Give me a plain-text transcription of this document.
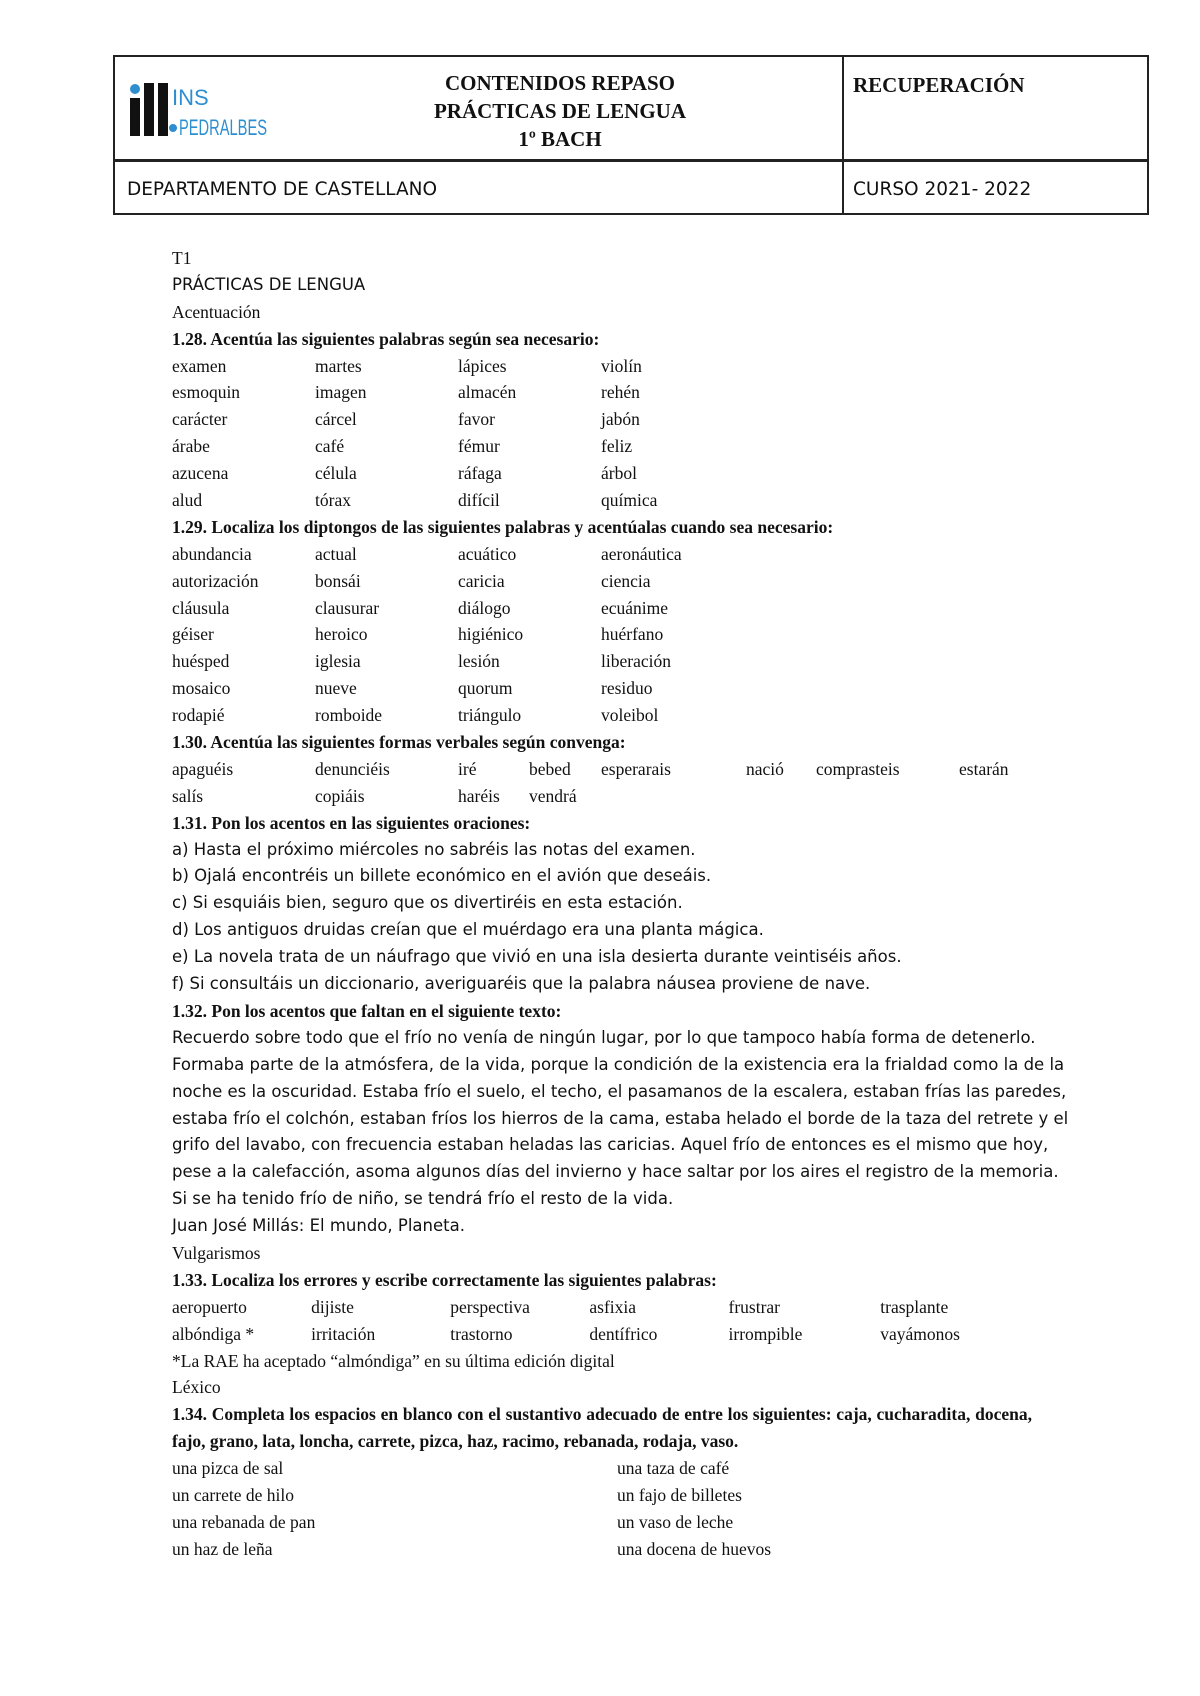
INS
PEDRALBES
CONTENIDOS REPASO
PRÁCTICAS DE LENGUA
1º BACH
RECUPERACIÓN
DEPARTAMENTO DE CASTELLANO	CURSO 2021- 2022
T1
PRÁCTICAS DE LENGUA
Acentuación
1.28. Acentúa las siguientes palabras según sea necesario:
examen	martes	lápices	violín
esmoquin	imagen	almacén	rehén
carácter	cárcel	favor	jabón
árabe	café	fémur	feliz
azucena	célula	ráfaga	árbol
alud	tórax	difícil	química
1.29. Localiza los diptongos de las siguientes palabras y acentúalas cuando sea necesario:
abundancia	actual	acuático	aeronáutica
autorización	bonsái	caricia	ciencia
cláusula	clausurar	diálogo	ecuánime
géiser	heroico	higiénico	huérfano
huésped	iglesia	lesión	liberación
mosaico	nueve	quorum	residuo
rodapié	romboide	triángulo	voleibol
1.30. Acentúa las siguientes formas verbales según convenga:
apaguéis	denunciéis	iré	bebed	esperarais	nació	comprasteis	estarán
salís	copiáis	haréis	vendrá
1.31. Pon los acentos en las siguientes oraciones:
a) Hasta el próximo miércoles no sabréis las notas del examen.
b) Ojalá encontréis un billete económico en el avión que deseáis.
c) Si esquiáis bien, seguro que os divertiréis en esta estación.
d) Los antiguos druidas creían que el muérdago era una planta mágica.
e) La novela trata de un náufrago que vivió en una isla desierta durante veintiséis años.
f) Si consultáis un diccionario, averiguaréis que la palabra náusea proviene de nave.
1.32. Pon los acentos que faltan en el siguiente texto:
Recuerdo sobre todo que el frío no venía de ningún lugar, por lo que tampoco había forma de detenerlo.
Formaba parte de la atmósfera, de la vida, porque la condición de la existencia era la frialdad como la de la
noche es la oscuridad. Estaba frío el suelo, el techo, el pasamanos de la escalera, estaban frías las paredes,
estaba frío el colchón, estaban fríos los hierros de la cama, estaba helado el borde de la taza del retrete y el
grifo del lavabo, con frecuencia estaban heladas las caricias. Aquel frío de entonces es el mismo que hoy,
pese a la calefacción, asoma algunos días del invierno y hace saltar por los aires el registro de la memoria.
Si se ha tenido frío de niño, se tendrá frío el resto de la vida.
Juan José Millás: El mundo, Planeta.
Vulgarismos
1.33. Localiza los errores y escribe correctamente las siguientes palabras:
aeropuerto	dijiste	perspectiva	asfixia	frustrar	trasplante
albóndiga *	irritación	trastorno	dentífrico	irrompible	vayámonos
*La RAE ha aceptado “almóndiga” en su última edición digital
Léxico
1.34. Completa los espacios en blanco con el sustantivo adecuado de entre los siguientes: caja, cucharadita, docena, fajo, grano, lata, loncha, carrete, pizca, haz, racimo, rebanada, rodaja, vaso.
una pizca de sal	una taza de café
un carrete de hilo	un fajo de billetes
una rebanada de pan	un vaso de leche
un haz de leña	una docena de huevos
